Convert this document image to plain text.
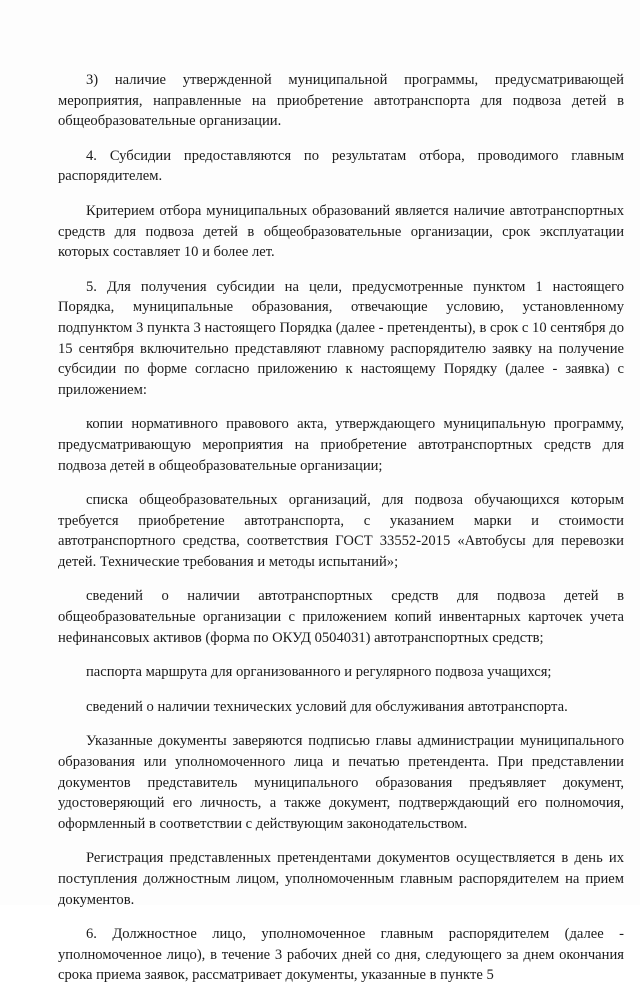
3) наличие утвержденной муниципальной программы, предусматривающей мероприятия, направленные на приобретение автотранспорта для подвоза детей в общеобразовательные организации.

4. Субсидии предоставляются по результатам отбора, проводимого главным распорядителем.

Критерием отбора муниципальных образований является наличие автотранспортных средств для подвоза детей в общеобразовательные организации, срок эксплуатации которых составляет 10 и более лет.

5. Для получения субсидии на цели, предусмотренные пунктом 1 настоящего Порядка, муниципальные образования, отвечающие условию, установленному подпунктом 3 пункта 3 настоящего Порядка (далее - претенденты), в срок с 10 сентября до 15 сентября включительно представляют главному распорядителю заявку на получение субсидии по форме согласно приложению к настоящему Порядку (далее - заявка) с приложением:

копии нормативного правового акта, утверждающего муниципальную программу, предусматривающую мероприятия на приобретение автотранспортных средств для подвоза детей в общеобразовательные организации;

списка общеобразовательных организаций, для подвоза обучающихся которым требуется приобретение автотранспорта, с указанием марки и стоимости автотранспортного средства, соответствия ГОСТ 33552-2015 «Автобусы для перевозки детей. Технические требования и методы испытаний»;

сведений о наличии автотранспортных средств для подвоза детей в общеобразовательные организации с приложением копий инвентарных карточек учета нефинансовых активов (форма по ОКУД 0504031) автотранспортных средств;

паспорта маршрута для организованного и регулярного подвоза учащихся;

сведений о наличии технических условий для обслуживания автотранспорта.

Указанные документы заверяются подписью главы администрации муниципального образования или уполномоченного лица и печатью претендента. При представлении документов представитель муниципального образования предъявляет документ, удостоверяющий его личность, а также документ, подтверждающий его полномочия, оформленный в соответствии с действующим законодательством.

Регистрация представленных претендентами документов осуществляется в день их поступления должностным лицом, уполномоченным главным распорядителем на прием документов.

6. Должностное лицо, уполномоченное главным распорядителем (далее - уполномоченное лицо), в течение 3 рабочих дней со дня, следующего за днем окончания срока приема заявок, рассматривает документы, указанные в пункте 5
